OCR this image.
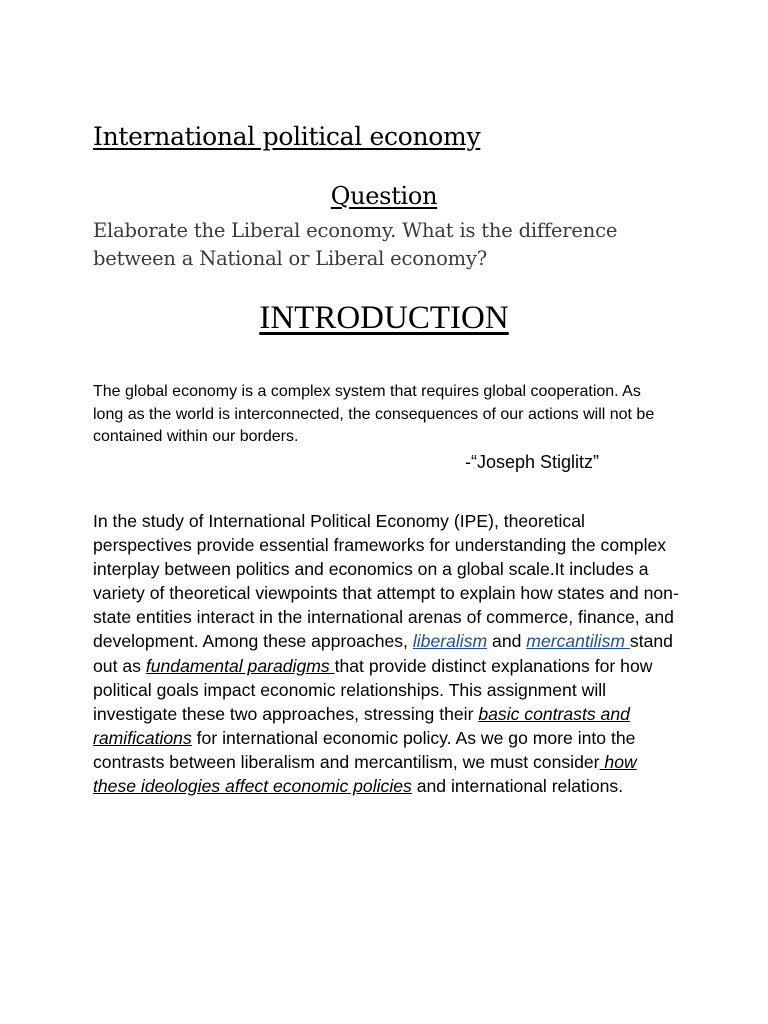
International political economy
Question

Elaborate the Liberal economy. What is the difference between a National or Liberal economy?

INTRODUCTION

The global economy is a complex system that requires global cooperation. As long as the world is interconnected, the consequences of our actions will not be contained within our borders.

-“Joseph Stiglitz”

In the study of International Political Economy (IPE), theoretical perspectives provide essential frameworks for understanding the complex interplay between politics and economics on a global scale.It includes a variety of theoretical viewpoints that attempt to explain how states and non-state entities interact in the international arenas of commerce, finance, and development. Among these approaches, liberalism and mercantilism stand out as fundamental paradigms that provide distinct explanations for how political goals impact economic relationships. This assignment will investigate these two approaches, stressing their basic contrasts and ramifications for international economic policy. As we go more into the contrasts between liberalism and mercantilism, we must consider how these ideologies affect economic policies and international relations.
